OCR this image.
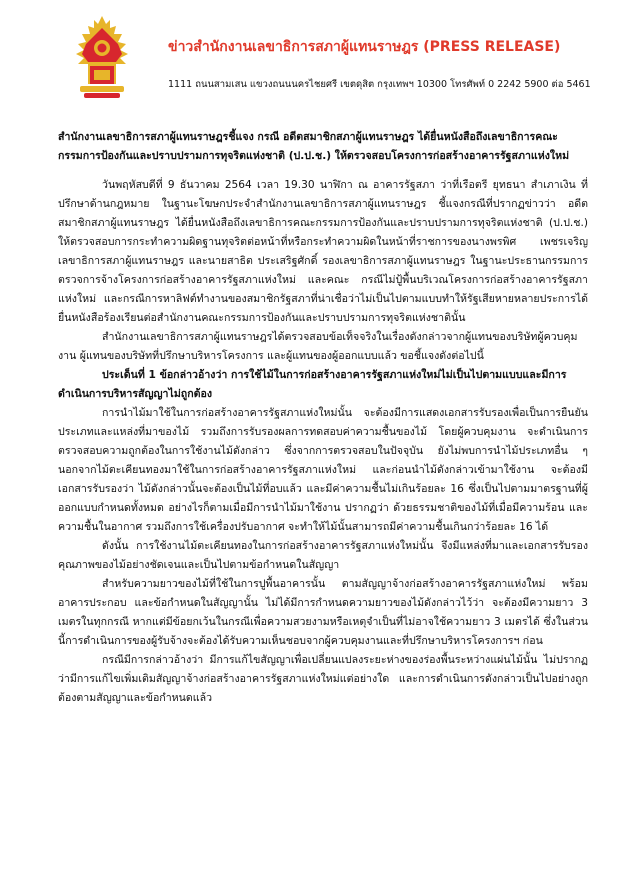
ข่าวสำนักงานเลขาธิการสภาผู้แทนราษฎร (PRESS RELEASE)
1111 ถนนสามเสน แขวงถนนนครไชยศรี เขตดุสิต กรุงเทพฯ 10300 โทรศัพท์ 0 2242 5900 ต่อ 5461

สำนักงานเลขาธิการสภาผู้แทนราษฎรชี้แจง กรณี อดีตสมาชิกสภาผู้แทนราษฎร ได้ยื่นหนังสือถึงเลขาธิการคณะกรรมการป้องกันและปราบปรามการทุจริตแห่งชาติ (ป.ป.ช.) ให้ตรวจสอบโครงการก่อสร้างอาคารรัฐสภาแห่งใหม่

วันพฤหัสบดีที่ 9 ธันวาคม 2564 เวลา 19.30 นาฬิกา ณ อาคารรัฐสภา ว่าที่เรือตรี ยุทธนา สำเภาเงิน ที่ปรึกษาด้านกฎหมาย ในฐานะโฆษกประจำสำนักงานเลขาธิการสภาผู้แทนราษฎร ชี้แจงกรณีที่ปรากฏข่าวว่า อดีตสมาชิกสภาผู้แทนราษฎร ได้ยื่นหนังสือถึงเลขาธิการคณะกรรมการป้องกันและปราบปรามการทุจริตแห่งชาติ (ป.ป.ช.) ให้ตรวจสอบการกระทำความผิดฐานทุจริตต่อหน้าที่หรือกระทำความผิดในหน้าที่ราชการของนางพรพิศ เพชรเจริญ เลขาธิการสภาผู้แทนราษฎร และนายสาธิต ประเสริฐศักดิ์ รองเลขาธิการสภาผู้แทนราษฎร ในฐานะประธานกรรมการตรวจการจ้างโครงการก่อสร้างอาคารรัฐสภาแห่งใหม่ และคณะ กรณีไม่ปู้พื้นบริเวณโครงการก่อสร้างอาคารรัฐสภาแห่งใหม่ และกรณีการหาลิฟต์ทำงานของสมาชิกรัฐสภาที่น่าเชื่อว่าไม่เป็นไปตามแบบทำให้รัฐเสียหายหลายประการได้ยื่นหนังสือร้องเรียนต่อสำนักงานคณะกรรมการป้องกันและปราบปรามการทุจริตแห่งชาตินั้น

สำนักงานเลขาธิการสภาผู้แทนราษฎรได้ตรวจสอบข้อเท็จจริงในเรื่องดังกล่าวจากผู้แทนของบริษัทผู้ควบคุมงาน ผู้แทนของบริษัทที่ปรึกษาบริหารโครงการ และผู้แทนของผู้ออกแบบแล้ว ขอชี้แจงดังต่อไปนี้

ประเด็นที่ 1 ข้อกล่าวอ้างว่า การใช้ไม้ในการก่อสร้างอาคารรัฐสภาแห่งใหม่ไม่เป็นไปตามแบบและมีการดำเนินการบริหารสัญญาไม่ถูกต้อง

การนำไม้มาใช้ในการก่อสร้างอาคารรัฐสภาแห่งใหม่นั้น จะต้องมีการแสดงเอกสารรับรองเพื่อเป็นการยืนยันประเภทและแหล่งที่มาของไม้ รวมถึงการรับรองผลการทดสอบค่าความชื้นของไม้ โดยผู้ควบคุมงาน จะดำเนินการตรวจสอบความถูกต้องในการใช้งานไม้ดังกล่าว ซึ่งจากการตรวจสอบในปัจจุบัน ยังไม่พบการนำไม้ประเภทอื่น ๆ นอกจากไม้ตะเคียนทองมาใช้ในการก่อสร้างอาคารรัฐสภาแห่งใหม่ และก่อนนำไม้ดังกล่าวเข้ามาใช้งาน จะต้องมีเอกสารรับรองว่า ไม้ดังกล่าวนั้นจะต้องเป็นไม้ที่อบแล้ว และมีค่าความชื้นไม่เกินร้อยละ 16 ซึ่งเป็นไปตามมาตรฐานที่ผู้ออกแบบกำหนดทั้งหมด อย่างไรก็ตามเมื่อมีการนำไม้มาใช้งาน ปรากฏว่า ด้วยธรรมชาติของไม้ที่เมื่อมีความร้อน และความชื้นในอากาศ รวมถึงการใช้เครื่องปรับอากาศ จะทำให้ไม้นั้นสามารถมีค่าความชื้นเกินกว่าร้อยละ 16 ได้

ดังนั้น การใช้งานไม้ตะเคียนทองในการก่อสร้างอาคารรัฐสภาแห่งใหม่นั้น จึงมีแหล่งที่มาและเอกสารรับรองคุณภาพของไม้อย่างชัดเจนและเป็นไปตามข้อกำหนดในสัญญา

สำหรับความยาวของไม้ที่ใช้ในการปูพื้นอาคารนั้น ตามสัญญาจ้างก่อสร้างอาคารรัฐสภาแห่งใหม่ พร้อมอาคารประกอบ และข้อกำหนดในสัญญานั้น ไม่ได้มีการกำหนดความยาวของไม้ดังกล่าวไว้ว่า จะต้องมีความยาว 3 เมตรในทุกกรณี หากแต่มีข้อยกเว้นในกรณีเพื่อความสวยงามหรือเหตุจำเป็นที่ไม่อาจใช้ความยาว 3 เมตรได้ ซึ่งในส่วนนี้การดำเนินการของผู้รับจ้างจะต้องได้รับความเห็นชอบจากผู้ควบคุมงานและที่ปรึกษาบริหารโครงการฯ ก่อน

กรณีมีการกล่าวอ้างว่า มีการแก้ไขสัญญาเพื่อเปลี่ยนแปลงระยะห่างของร่องพื้นระหว่างแผ่นไม้นั้น ไม่ปรากฏว่ามีการแก้ไขเพิ่มเติมสัญญาจ้างก่อสร้างอาคารรัฐสภาแห่งใหม่แต่อย่างใด และการดำเนินการดังกล่าวเป็นไปอย่างถูกต้องตามสัญญาและข้อกำหนดแล้ว
